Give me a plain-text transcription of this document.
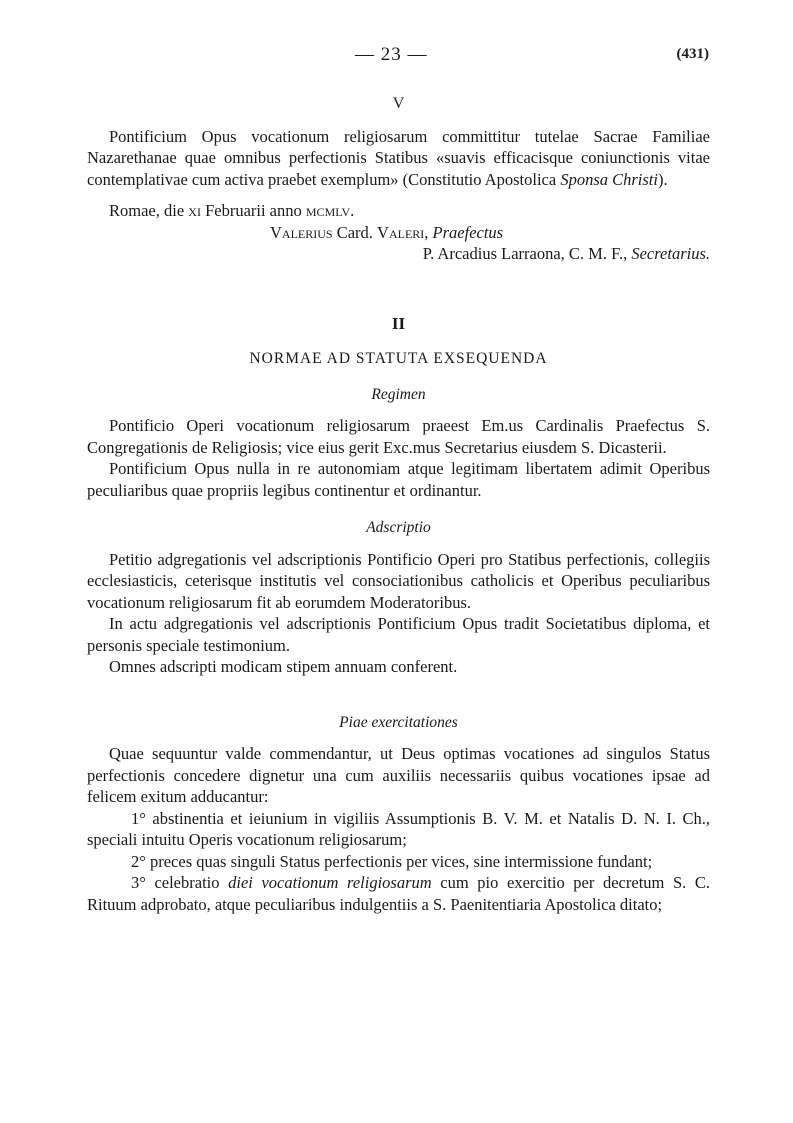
— 23 —	(431)

V

Pontificium Opus vocationum religiosarum committitur tutelae Sacrae Familiae Nazarethanae quae omnibus perfectionis Statibus «suavis efficacisque coniunctionis vitae contemplativae cum activa praebet exemplum» (Constitutio Apostolica Sponsa Christi).

Romae, die xi Februarii anno mcmlv.

Valerius Card. Valeri, Praefectus

P. Arcadius Larraona, C. M. F., Secretarius.

II

NORMAE AD STATUTA EXSEQUENDA

Regimen

Pontificio Operi vocationum religiosarum praeest Em.us Cardinalis Praefectus S. Congregationis de Religiosis; vice eius gerit Exc.mus Secretarius eiusdem S. Dicasterii.

Pontificium Opus nulla in re autonomiam atque legitimam libertatem adimit Operibus peculiaribus quae propriis legibus continentur et ordinantur.

Adscriptio

Petitio adgregationis vel adscriptionis Pontificio Operi pro Statibus perfectionis, collegiis ecclesiasticis, ceterisque institutis vel consociationibus catholicis et Operibus peculiaribus vocationum religiosarum fit ab eorumdem Moderatoribus.

In actu adgregationis vel adscriptionis Pontificium Opus tradit Societatibus diploma, et personis speciale testimonium.

Omnes adscripti modicam stipem annuam conferent.

Piae exercitationes

Quae sequuntur valde commendantur, ut Deus optimas vocationes ad singulos Status perfectionis concedere dignetur una cum auxiliis necessariis quibus vocationes ipsae ad felicem exitum adducantur:

1° abstinentia et ieiunium in vigiliis Assumptionis B. V. M. et Natalis D. N. I. Ch., speciali intuitu Operis vocationum religiosarum;

2° preces quas singuli Status perfectionis per vices, sine intermissione fundant;

3° celebratio diei vocationum religiosarum cum pio exercitio per decretum S. C. Rituum adprobato, atque peculiaribus indulgentiis a S. Paenitentiaria Apostolica ditato;
